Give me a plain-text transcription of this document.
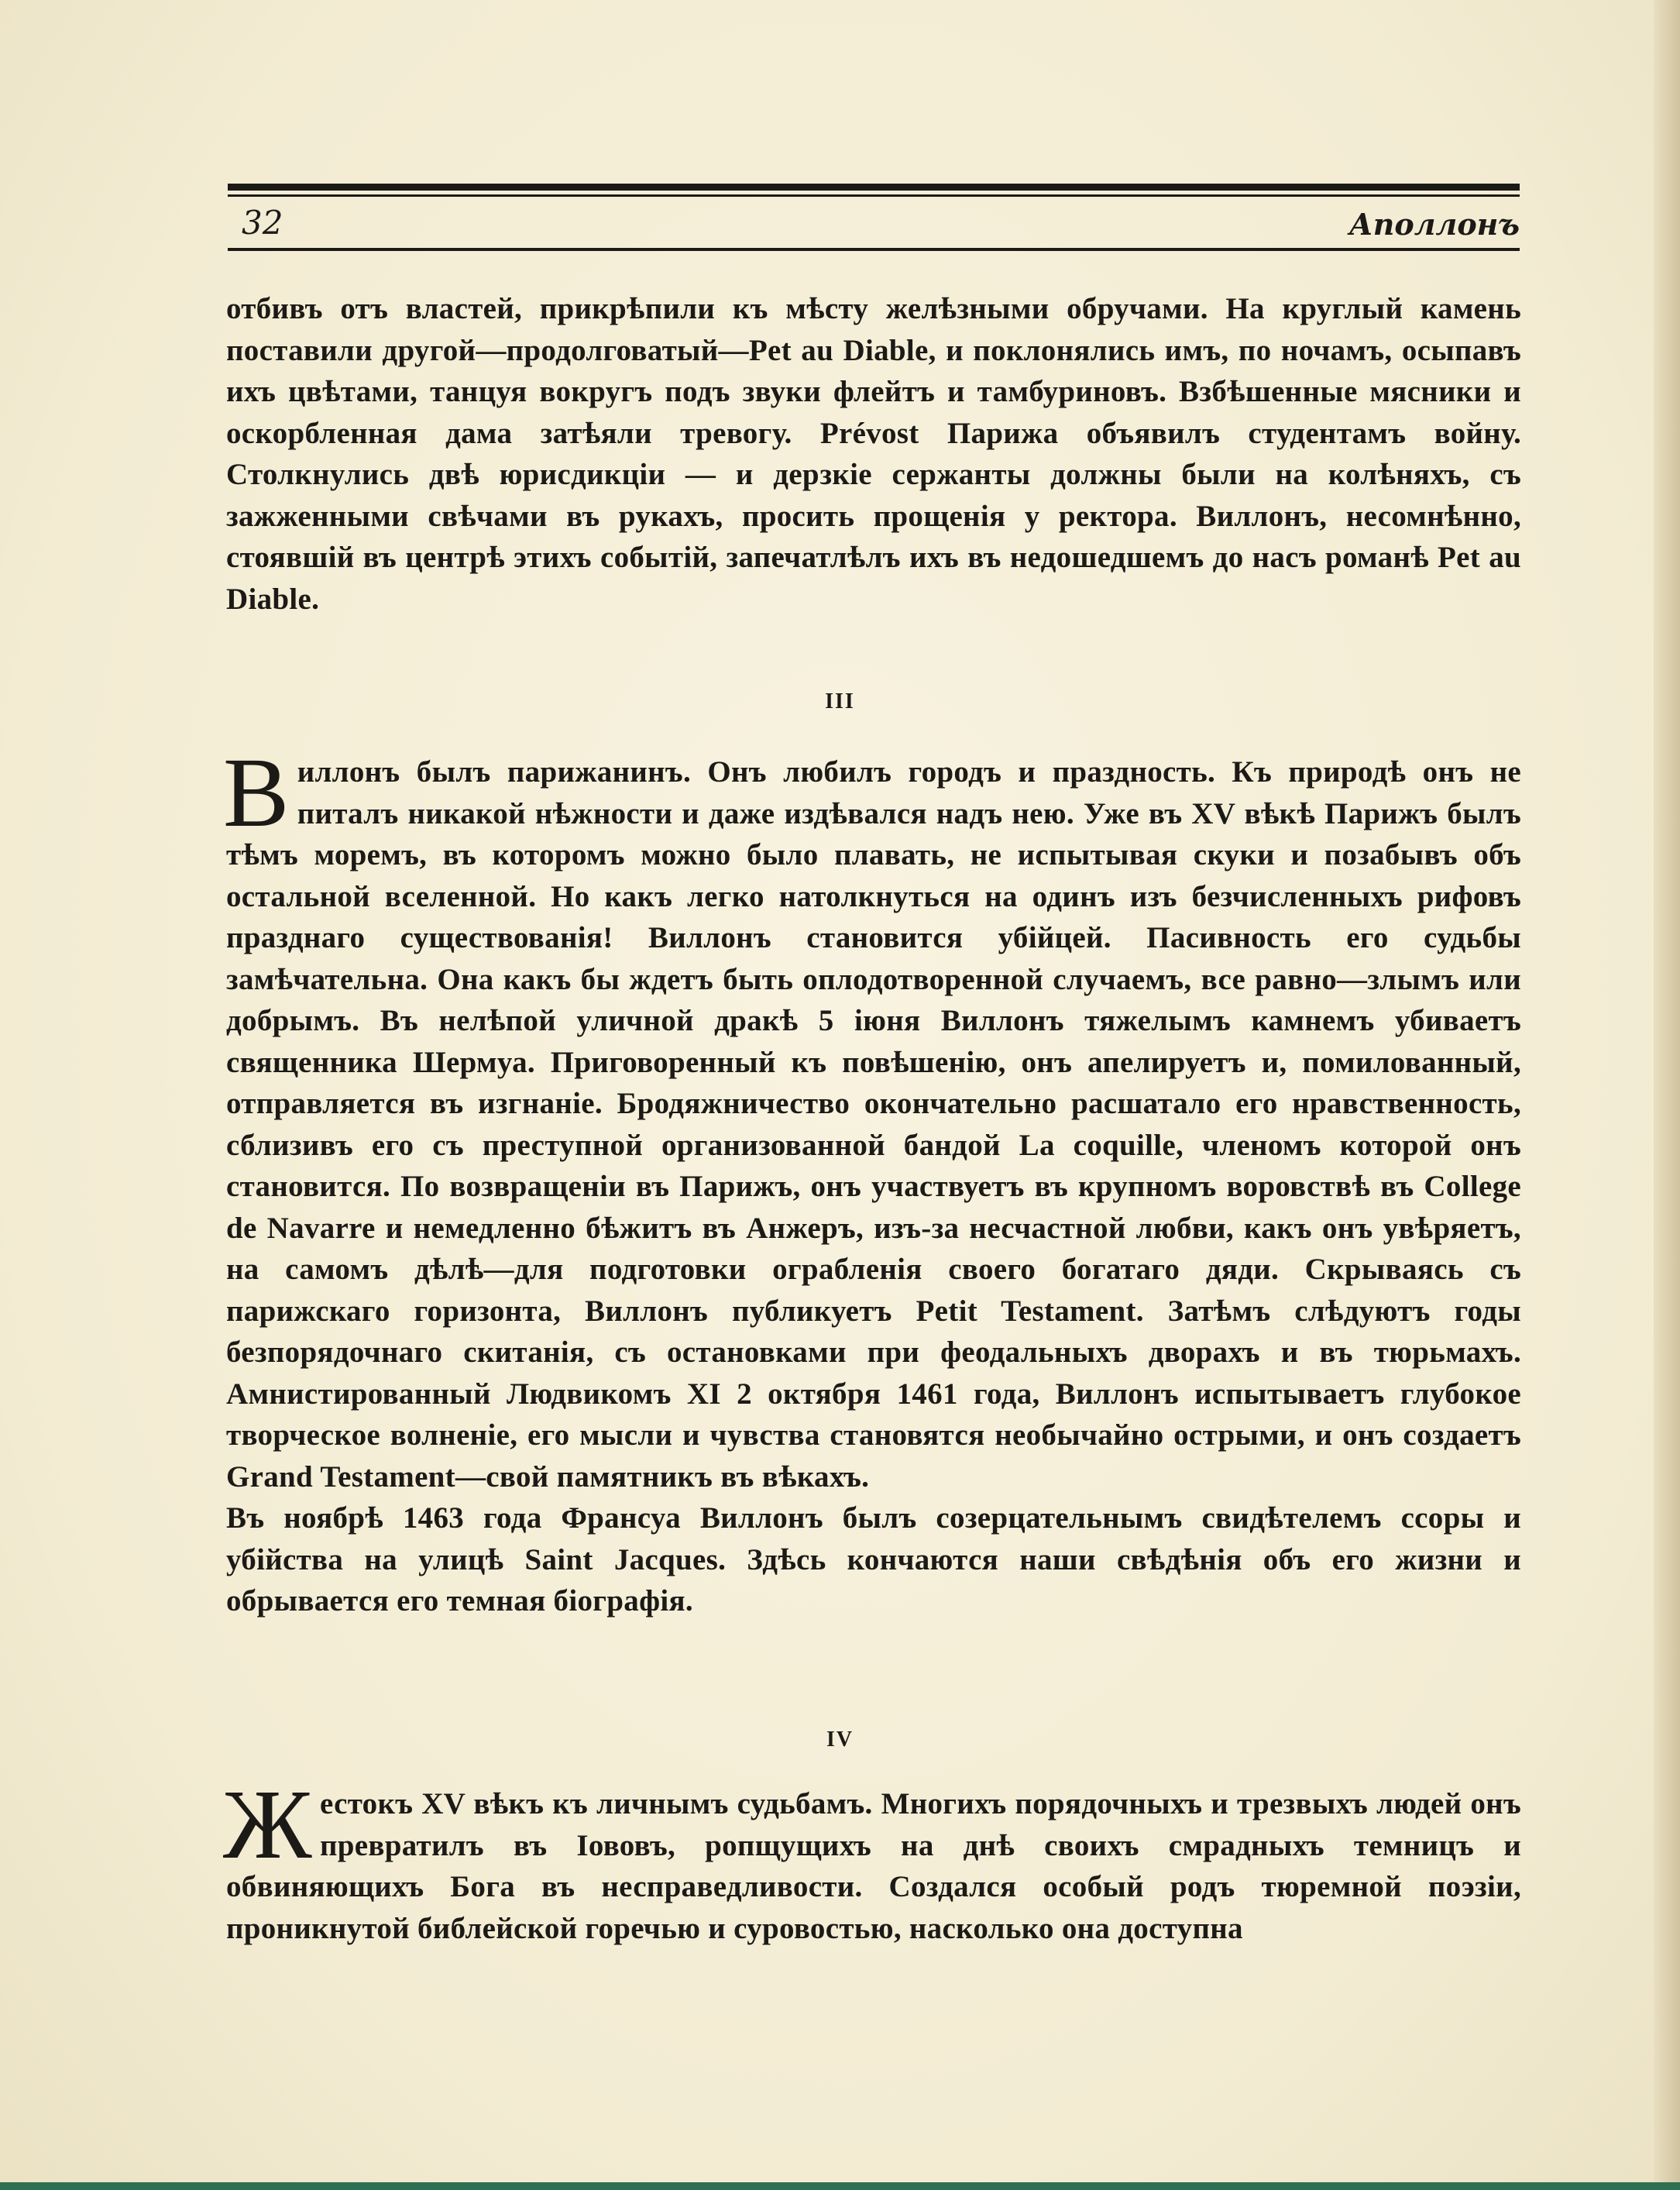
32	Аполлонъ

отбивъ отъ властей, прикрѣпили къ мѣсту желѣзными обручами. На круглый камень поставили другой—продолговатый—Pet au Diable, и поклонялись имъ, по ночамъ, осыпавъ ихъ цвѣтами, танцуя вокругъ подъ звуки флейтъ и тамбуриновъ. Взбѣшенные мясники и оскорбленная дама затѣяли тревогу. Prévost Парижа объявилъ студентамъ войну. Столкнулись двѣ юрисдикціи — и дерзкіе сержанты должны были на колѣняхъ, съ зажженными свѣчами въ рукахъ, просить прощенія у ректора. Виллонъ, несомнѣнно, стоявшій въ центрѣ этихъ событій, запечатлѣлъ ихъ въ недошедшемъ до насъ романѣ Pet au Diable.

III

Виллонъ былъ парижанинъ. Онъ любилъ городъ и праздность. Къ природѣ онъ не питалъ никакой нѣжности и даже издѣвался надъ нею. Уже въ XV вѣкѣ Парижъ былъ тѣмъ моремъ, въ которомъ можно было плавать, не испытывая скуки и позабывъ объ остальной вселенной. Но какъ легко натолкнуться на одинъ изъ безчисленныхъ рифовъ празднаго существованія! Виллонъ становится убійцей. Пасивность его судьбы замѣчательна. Она какъ бы ждетъ быть оплодотворенной случаемъ, все равно—злымъ или добрымъ. Въ нелѣпой уличной дракѣ 5 іюня Виллонъ тяжелымъ камнемъ убиваетъ священника Шермуа. Приговоренный къ повѣшенію, онъ апелируетъ и, помилованный, отправляется въ изгнаніе. Бродяжничество окончательно расшатало его нравственность, сблизивъ его съ преступной организованной бандой La coquille, членомъ которой онъ становится. По возвращеніи въ Парижъ, онъ участвуетъ въ крупномъ воровствѣ въ College de Navarre и немедленно бѣжитъ въ Анжеръ, изъ-за несчастной любви, какъ онъ увѣряетъ, на самомъ дѣлѣ—для подготовки ограбленія своего богатаго дяди. Скрываясь съ парижскаго горизонта, Виллонъ публикуетъ Petit Testament. Затѣмъ слѣдуютъ годы безпорядочнаго скитанія, съ остановками при феодальныхъ дворахъ и въ тюрьмахъ. Амнистированный Людвикомъ XI 2 октября 1461 года, Виллонъ испытываетъ глубокое творческое волненіе, его мысли и чувства становятся необычайно острыми, и онъ создаетъ Grand Testament—свой памятникъ въ вѣкахъ.

Въ ноябрѣ 1463 года Франсуа Виллонъ былъ созерцательнымъ свидѣтелемъ ссоры и убійства на улицѣ Saint Jacques. Здѣсь кончаются наши свѣдѣнія объ его жизни и обрывается его темная біографія.

IV

Жестокъ XV вѣкъ къ личнымъ судьбамъ. Многихъ порядочныхъ и трезвыхъ людей онъ превратилъ въ Іововъ, ропщущихъ на днѣ своихъ смрадныхъ темницъ и обвиняющихъ Бога въ несправедливости. Создался особый родъ тюремной поэзіи, проникнутой библейской горечью и суровостью, насколько она доступна
